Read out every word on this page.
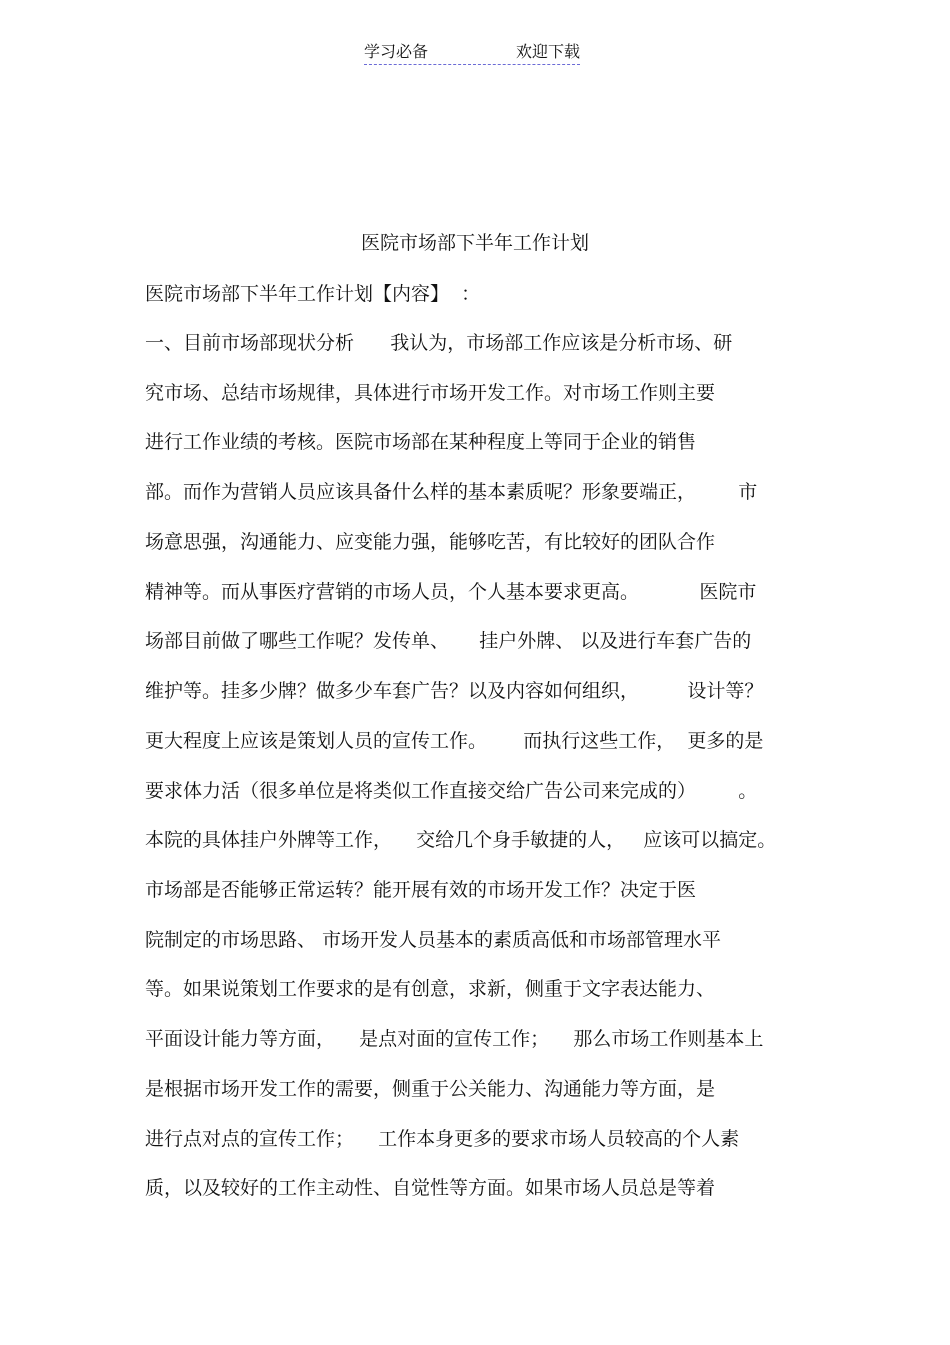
学习必备	欢迎下载
医院市场部下半年工作计划
医院市场部下半年工作计划【内容】  ：
一、目前市场部现状分析      我认为，市场部工作应该是分析市场、研
究市场、总结市场规律，具体进行市场开发工作。对市场工作则主要
进行工作业绩的考核。医院市场部在某种程度上等同于企业的销售
部。而作为营销人员应该具备什么样的基本素质呢？形象要端正，       市
场意思强，沟通能力、应变能力强，能够吃苦，有比较好的团队合作
精神等。而从事医疗营销的市场人员，个人基本要求更高。          医院市
场部目前做了哪些工作呢？发传单、     挂户外牌、 以及进行车套广告的
维护等。挂多少牌？做多少车套广告？以及内容如何组织，        设计等？
更大程度上应该是策划人员的宣传工作。      而执行这些工作，  更多的是
要求体力活（很多单位是将类似工作直接交给广告公司来完成的）       。
本院的具体挂户外牌等工作，    交给几个身手敏捷的人，   应该可以搞定。
市场部是否能够正常运转？能开展有效的市场开发工作？决定于医
院制定的市场思路、 市场开发人员基本的素质高低和市场部管理水平
等。如果说策划工作要求的是有创意，求新，侧重于文字表达能力、
平面设计能力等方面，    是点对面的宣传工作；    那么市场工作则基本上
是根据市场开发工作的需要，侧重于公关能力、沟通能力等方面，是
进行点对点的宣传工作；    工作本身更多的要求市场人员较高的个人素
质，以及较好的工作主动性、自觉性等方面。如果市场人员总是等着
